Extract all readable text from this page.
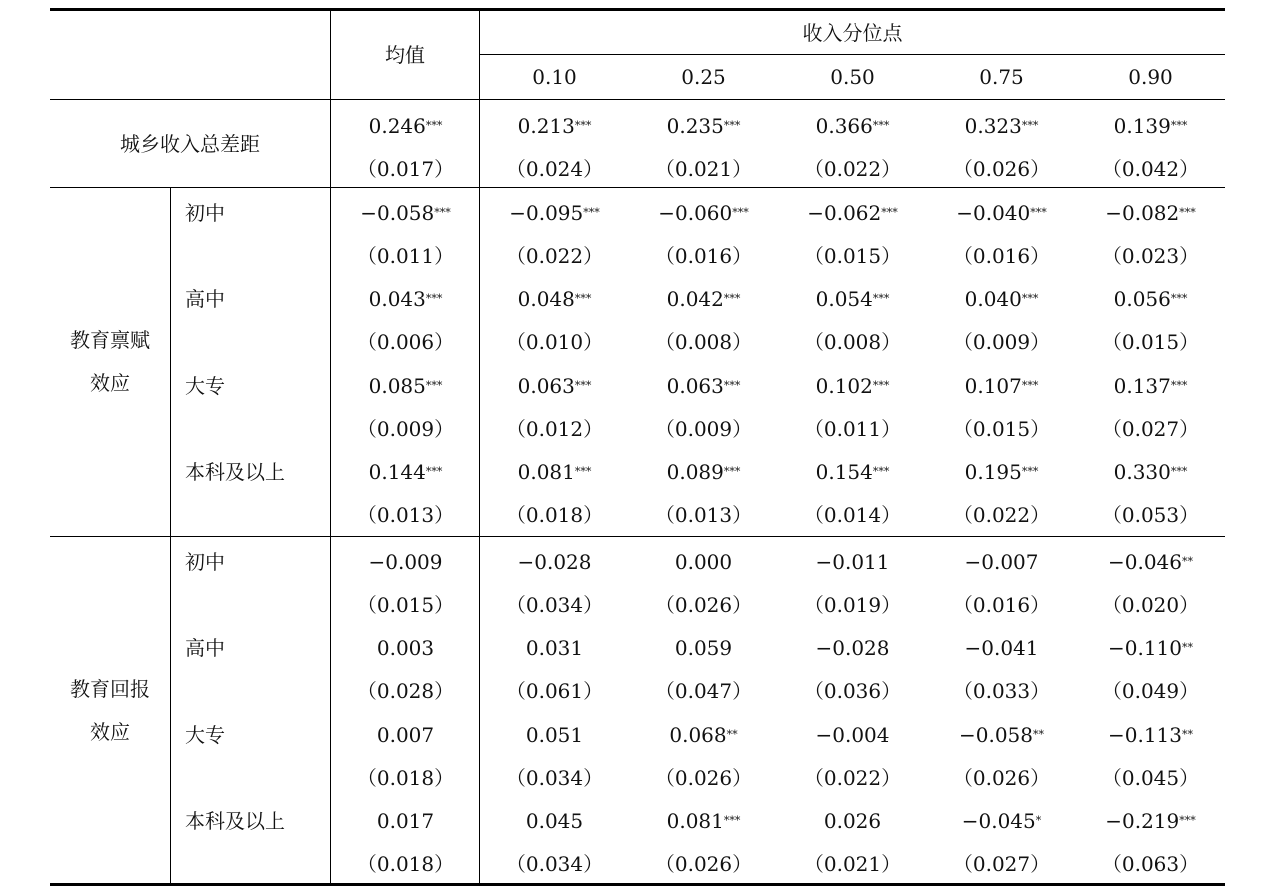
均值
收入分位点
0.10	0.25	0.50	0.75	0.90
城乡收入总差距
0.246 ***	0.213 ***	0.235 ***	0.366 ***	0.323 ***	0.139 ***
（0.017）	（0.024）	（0.021）	（0.022）	（0.026）	（0.042）
教育禀赋
效应
初中	−0.058 ***	−0.095 ***	−0.060 ***	−0.062 ***	−0.040 ***	−0.082 ***
（0.011）	（0.022）	（0.016）	（0.015）	（0.016）	（0.023）
高中	0.043 ***	0.048 ***	0.042 ***	0.054 ***	0.040 ***	0.056 ***
（0.006）	（0.010）	（0.008）	（0.008）	（0.009）	（0.015）
大专	0.085 ***	0.063 ***	0.063 ***	0.102 ***	0.107 ***	0.137 ***
（0.009）	（0.012）	（0.009）	（0.011）	（0.015）	（0.027）
本科及以上	0.144 ***	0.081 ***	0.089 ***	0.154 ***	0.195 ***	0.330 ***
（0.013）	（0.018）	（0.013）	（0.014）	（0.022）	（0.053）
教育回报
效应
初中	−0.009	−0.028	0.000	−0.011	−0.007	−0.046 **
（0.015）	（0.034）	（0.026）	（0.019）	（0.016）	（0.020）
高中	0.003	0.031	0.059	−0.028	−0.041	−0.110 **
（0.028）	（0.061）	（0.047）	（0.036）	（0.033）	（0.049）
大专	0.007	0.051	0.068 **	−0.004	−0.058 **	−0.113 **
（0.018）	（0.034）	（0.026）	（0.022）	（0.026）	（0.045）
本科及以上	0.017	0.045	0.081 ***	0.026	−0.045 *	−0.219 ***
（0.018）	（0.034）	（0.026）	（0.021）	（0.027）	（0.063）
